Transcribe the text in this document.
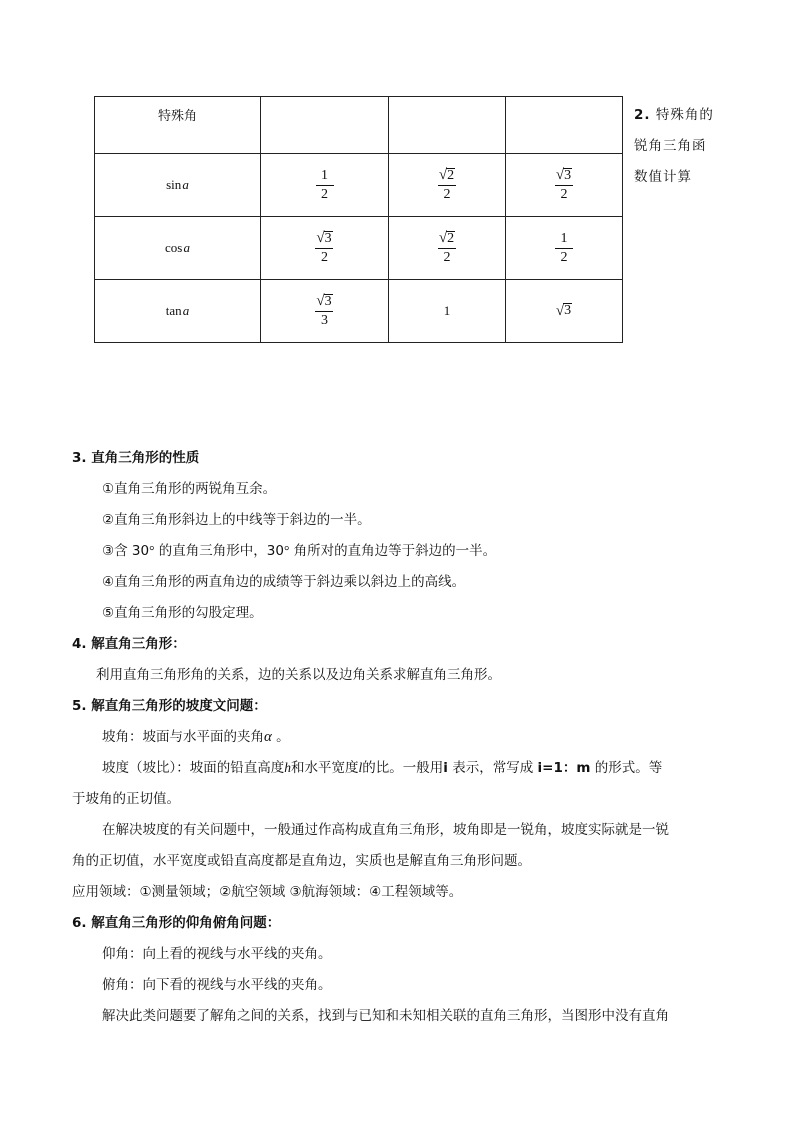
特殊角			
sin a	$\frac{1}{2}$	$\frac{√ 2}{2}$	$\frac{√ 3}{2}$

cos a	$\frac{√ 3}{2}$	$\frac{√ 2}{2}$	$\frac{1}{2}$

tan a	$\frac{√ 3}{3}$	1	√ 3
2. 特殊角的
锐角三角函
数值计算
3. 直角三角形的性质
①直角三角形的两锐角互余。
②直角三角形斜边上的中线等于斜边的一半。
③含 30° 的直角三角形中，30° 角所对的直角边等于斜边的一半。
④直角三角形的两直角边的成绩等于斜边乘以斜边上的高线。
⑤直角三角形的勾股定理。
4. 解直角三角形：
利用直角三角形角的关系，边的关系以及边角关系求解直角三角形。
5. 解直角三角形的坡度文问题：
坡角：坡面与水平面的夹角α 。
坡度（坡比）：坡面的铅直高度h和水平宽度l的比。一般用i 表示，常写成 i=1：m 的形式。等
于坡角的正切值。
在解决坡度的有关问题中，一般通过作高构成直角三角形，坡角即是一锐角，坡度实际就是一锐
角的正切值，水平宽度或铅直高度都是直角边，实质也是解直角三角形问题。
应用领域：①测量领域；②航空领域 ③航海领域：④工程领域等。
6. 解直角三角形的仰角俯角问题：
仰角：向上看的视线与水平线的夹角。
俯角：向下看的视线与水平线的夹角。
解决此类问题要了解角之间的关系，找到与已知和未知相关联的直角三角形，当图形中没有直角
